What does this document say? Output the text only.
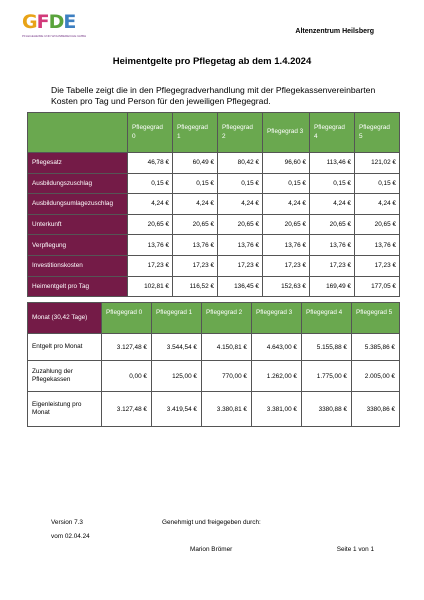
GFDE
PFLEGEHEIME UND WOHNBEREICHE GMBH
Altenzentrum Heilsberg
Heimentgelte pro Pflegetag ab dem 1.4.2024
Die Tabelle zeigt die in den Pflegegradverhandlung mit der Pflegekassenvereinbarten Kosten pro Tag und Person für den jeweiligen Pflegegrad.
	Pflegegrad 0	Pflegegrad 1	Pflegegrad 2	Pflegegrad 3	Pflegegrad 4	Pflegegrad 5
Pflegesatz	46,78 €	60,49 €	80,42 €	96,60 €	113,46 €	121,02 €
Ausbildungszuschlag	0,15 €	0,15 €	0,15 €	0,15 €	0,15 €	0,15 €
Ausbildungsumlagezuschlag	4,24 €	4,24 €	4,24 €	4,24 €	4,24 €	4,24 €
Unterkunft	20,65 €	20,65 €	20,65 €	20,65 €	20,65 €	20,65 €
Verpflegung	13,76 €	13,76 €	13,76 €	13,76 €	13,76 €	13,76 €
Investitionskosten	17,23 €	17,23 €	17,23 €	17,23 €	17,23 €	17,23 €
Heimentgelt pro Tag	102,81 €	116,52 €	136,45 €	152,63 €	169,49 €	177,05 €
Monat (30,42 Tage)	Pflegegrad 0	Pflegegrad 1	Pflegegrad 2	Pflegegrad 3	Pflegegrad 4	Pflegegrad 5
Entgelt pro Monat	3.127,48 €	3.544,54 €	4.150,81 €	4.643,00 €	5.155,88 €	5.385,86 €
Zuzahlung der Pflegekassen	0,00 €	125,00 €	770,00 €	1.262,00 €	1.775,00 €	2.005,00 €
Eigenleistung pro Monat	3.127,48 €	3.419,54 €	3.380,81 €	3.381,00 €	3380,88 €	3380,86 €
Version 7.3
vom 02.04.24
Genehmigt und freigegeben durch:
Marion Brömer	Seite 1 von 1
